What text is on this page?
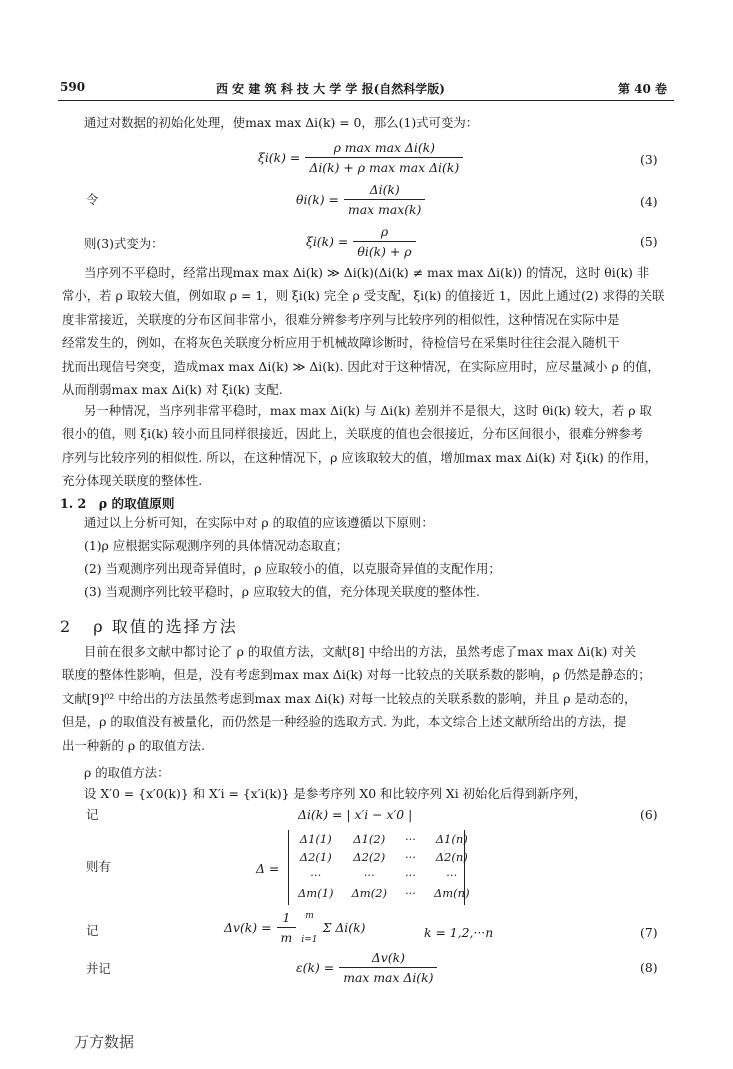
590	西 安 建 筑 科 技 大 学 学 报(自然科学版)	第 40 卷
通过对数据的初始化处理，使max max Δi(k) = 0，那么(1)式可变为：
$\xi i(k) = \frac{\text{ρ max max Δi(k)}}{\text{Δi(k) + ρ max max Δi(k)}}$	(3)
令	$\theta i(k) = \frac{\Delta i(k)}{\text{max max(k)}}$	(4)
则(3)式变为：	$\xi i(k) = \frac{\rho}{\theta i(k) + \rho}$	(5)

当序列不平稳时，经常出现max max Δi(k) ≫ Δi(k)(Δi(k) ≠ max max Δi(k)) 的情况，这时 θi(k) 非

常小，若 ρ 取较大值，例如取 ρ = 1，则 ξi(k) 完全 ρ 受支配，ξi(k) 的值接近 1，因此上通过(2) 求得的关联

度非常接近，关联度的分布区间非常小，很难分辨参考序列与比较序列的相似性，这种情况在实际中是

经常发生的，例如，在将灰色关联度分析应用于机械故障诊断时，待检信号在采集时往往会混入随机干

扰而出现信号突变，造成max max Δi(k) ≫ Δi(k). 因此对于这种情况，在实际应用时，应尽量减小 ρ 的值，

从而削弱max max Δi(k) 对 ξi(k) 支配.

另一种情况，当序列非常平稳时，max max Δi(k) 与 Δi(k) 差别并不是很大，这时 θi(k) 较大，若 ρ 取

很小的值，则 ξi(k) 较小而且同样很接近，因此上，关联度的值也会很接近，分布区间很小，很难分辨参考

序列与比较序列的相似性. 所以，在这种情况下，ρ 应该取较大的值，增加max max Δi(k) 对 ξi(k) 的作用，

充分体现关联度的整体性.

1. 2 ρ 的取值原则
通过以上分析可知，在实际中对 ρ 的取值的应该遵循以下原则：
(1)ρ 应根据实际观测序列的具体情况动态取直；
(2) 当观测序列出现奇异值时，ρ 应取较小的值，以克服奇异值的支配作用；
(3) 当观测序列比较平稳时，ρ 应取较大的值，充分体现关联度的整体性.
2 ρ 取值的选择方法

目前在很多文献中都讨论了 ρ 的取值方法，文献[8] 中给出的方法，虽然考虑了max max Δi(k) 对关

联度的整体性影响，但是，没有考虑到max max Δi(k) 对每一比较点的关联系数的影响，ρ 仍然是静态的；

文献[9]⁰² 中给出的方法虽然考虑到max max Δi(k) 对每一比较点的关联系数的影响，并且 ρ 是动态的，

但是，ρ 的取值没有被量化，而仍然是一种经验的选取方式. 为此，本文综合上述文献所给出的方法，提

出一种新的 ρ 的取值方法.

ρ 的取值方法：
设 X′0 = {x′0(k)} 和 X′i = {x′i(k)} 是参考序列 X0 和比较序列 Xi 初始化后得到新序列，
记	Δi(k) = | x′i − x′0 |	(6)
则有	Δ =
Δ1(1)	Δ1(2)	···	Δ1(n)
Δ2(1)	Δ2(2)	···	Δ2(n)
···	···	···	···
Δm(1)	Δm(2)	···	Δm(n)
记	$\Delta v(k) = \frac{1}{m}$
m
i=1
Σ Δi(k)	k = 1,2,···n	(7)
并记	$\varepsilon(k) = \frac{\Delta v(k)}{\text{max max Δi(k)}}$	(8)
万方数据
